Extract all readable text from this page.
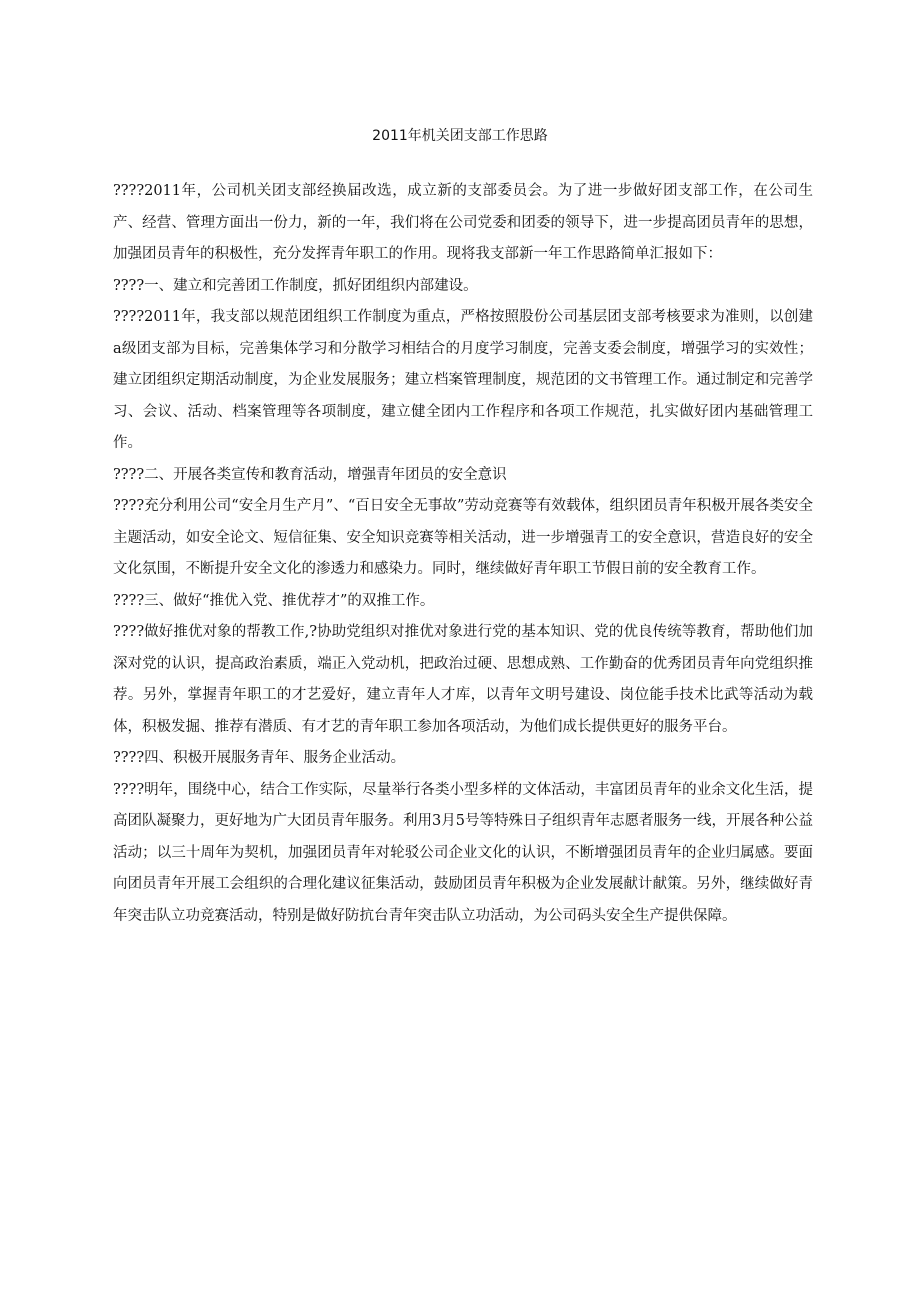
2011年机关团支部工作思路

????2011年，公司机关团支部经换届改选，成立新的支部委员会。为了进一步做好团支部工作，在公司生产、经营、管理方面出一份力，新的一年，我们将在公司党委和团委的领导下，进一步提高团员青年的思想，加强团员青年的积极性，充分发挥青年职工的作用。现将我支部新一年工作思路简单汇报如下：

????一、建立和完善团工作制度，抓好团组织内部建设。

????2011年，我支部以规范团组织工作制度为重点，严格按照股份公司基层团支部考核要求为准则，以创建a级团支部为目标，完善集体学习和分散学习相结合的月度学习制度，完善支委会制度，增强学习的实效性；建立团组织定期活动制度，为企业发展服务；建立档案管理制度，规范团的文书管理工作。通过制定和完善学习、会议、活动、档案管理等各项制度，建立健全团内工作程序和各项工作规范，扎实做好团内基础管理工作。

????二、开展各类宣传和教育活动，增强青年团员的安全意识

????充分利用公司“安全月生产月”、“百日安全无事故”劳动竞赛等有效载体，组织团员青年积极开展各类安全主题活动，如安全论文、短信征集、安全知识竞赛等相关活动，进一步增强青工的安全意识，营造良好的安全文化氛围，不断提升安全文化的渗透力和感染力。同时，继续做好青年职工节假日前的安全教育工作。

????三、做好“推优入党、推优荐才”的双推工作。

????做好推优对象的帮教工作,?协助党组织对推优对象进行党的基本知识、党的优良传统等教育，帮助他们加深对党的认识，提高政治素质，端正入党动机，把政治过硬、思想成熟、工作勤奋的优秀团员青年向党组织推荐。另外，掌握青年职工的才艺爱好，建立青年人才库，以青年文明号建设、岗位能手技术比武等活动为载体，积极发掘、推荐有潜质、有才艺的青年职工参加各项活动，为他们成长提供更好的服务平台。

????四、积极开展服务青年、服务企业活动。

????明年，围绕中心，结合工作实际，尽量举行各类小型多样的文体活动，丰富团员青年的业余文化生活，提高团队凝聚力，更好地为广大团员青年服务。利用3月5号等特殊日子组织青年志愿者服务一线，开展各种公益活动；以三十周年为契机，加强团员青年对轮驳公司企业文化的认识，不断增强团员青年的企业归属感。要面向团员青年开展工会组织的合理化建议征集活动，鼓励团员青年积极为企业发展献计献策。另外，继续做好青年突击队立功竞赛活动，特别是做好防抗台青年突击队立功活动，为公司码头安全生产提供保障。
